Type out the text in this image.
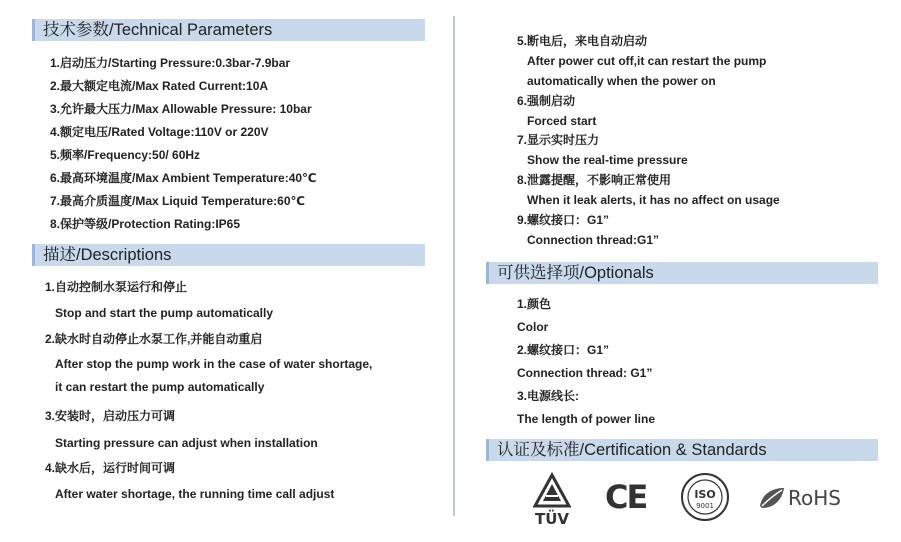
技术参数/Technical Parameters
1.启动压力/Starting Pressure:0.3bar-7.9bar
2.最大额定电流/Max Rated Current:10A
3.允许最大压力/Max Allowable Pressure: 10bar
4.额定电压/Rated Voltage:110V or 220V
5.频率/Frequency:50/ 60Hz
6.最高环境温度/Max Ambient Temperature:40℃
7.最高介质温度/Max Liquid Temperature:60℃
8.保护等级/Protection Rating:IP65
描述/Descriptions
1.自动控制水泵运行和停止
Stop and start the pump automatically
2.缺水时自动停止水泵工作,并能自动重启
After stop the pump work in the case of water shortage,
it can restart the pump automatically
3.安装时，启动压力可调
Starting pressure can adjust when installation
4.缺水后，运行时间可调
After water shortage, the running time call adjust
5.断电后，来电自动启动
After power cut off,it can restart the pump
automatically when the power on
6.强制启动
Forced start
7.显示实时压力
Show the real-time pressure
8.泄露提醒，不影响正常使用
When it leak alerts, it has no affect on usage
9.螺纹接口：G1”
Connection thread:G1”
可供选择项/Optionals
1.颜色
Color
2.螺纹接口：G1”
Connection thread: G1”
3.电源线长:
The length of power line
认证及标准/Certification & Standards
TÜV
CE	ISO
9001	RoHS
